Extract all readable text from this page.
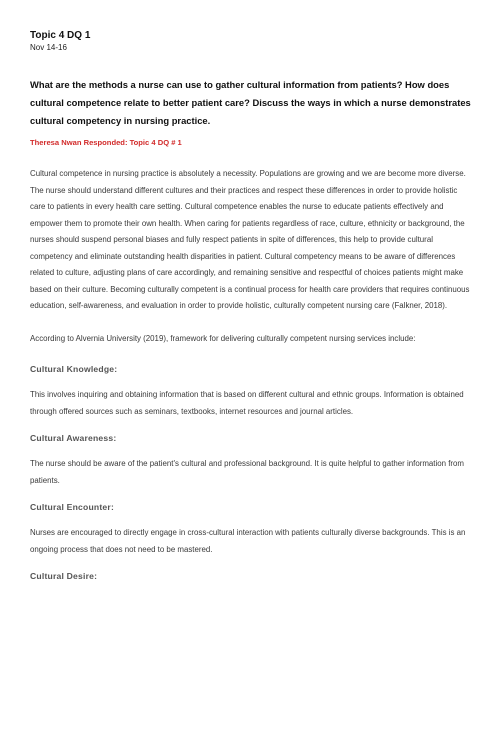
Topic 4 DQ 1
Nov 14-16
What are the methods a nurse can use to gather cultural information from patients? How does cultural competence relate to better patient care? Discuss the ways in which a nurse demonstrates cultural competency in nursing practice.
Theresa Nwan Responded: Topic 4 DQ # 1

Cultural competence in nursing practice is absolutely a necessity. Populations are growing and we are become more diverse. The nurse should understand different cultures and their practices and respect these differences in order to provide holistic care to patients in every health care setting. Cultural competence enables the nurse to educate patients effectively and empower them to promote their own health. When caring for patients regardless of race, culture, ethnicity or background, the nurses should suspend personal biases and fully respect patients in spite of differences, this help to provide cultural competency and eliminate outstanding health disparities in patient. Cultural competency means to be aware of differences related to culture, adjusting plans of care accordingly, and remaining sensitive and respectful of choices patients might make based on their culture. Becoming culturally competent is a continual process for health care providers that requires continuous education, self-awareness, and evaluation in order to provide holistic, culturally competent nursing care (Falkner, 2018).

According to Alvernia University (2019), framework for delivering culturally competent nursing services include:

Cultural Knowledge:

This involves inquiring and obtaining information that is based on different cultural and ethnic groups. Information is obtained through offered sources such as seminars, textbooks, internet resources and journal articles.

Cultural Awareness:

The nurse should be aware of the patient's cultural and professional background. It is quite helpful to gather information from patients.

Cultural Encounter:

Nurses are encouraged to directly engage in cross-cultural interaction with patients culturally diverse backgrounds. This is an ongoing process that does not need to be mastered.

Cultural Desire:
